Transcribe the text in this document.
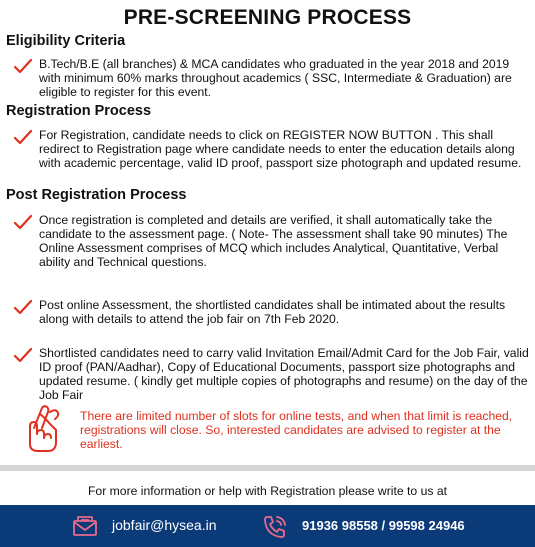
PRE-SCREENING PROCESS
Eligibility Criteria
B.Tech/B.E (all branches) & MCA candidates who graduated in the year 2018 and 2019 with minimum 60% marks throughout academics ( SSC, Intermediate & Graduation) are eligible to register for this event.
Registration Process
For Registration, candidate needs to click on REGISTER NOW BUTTON . This shall redirect to Registration page where candidate needs to enter the education details along with academic percentage, valid ID proof, passport size photograph and updated resume.
Post Registration Process
Once registration is completed and details are verified, it shall automatically take the candidate to the assessment page. ( Note- The assessment shall take 90 minutes) The Online Assessment comprises of MCQ which includes Analytical, Quantitative, Verbal ability and Technical questions.
Post online Assessment, the shortlisted candidates shall be intimated about the results along with details to attend the job fair on 7th Feb 2020.
Shortlisted candidates need to carry valid Invitation Email/Admit Card for the Job Fair, valid ID proof (PAN/Aadhar), Copy of Educational Documents, passport size photographs and updated resume. ( kindly get multiple copies of photographs and resume) on the day of the Job Fair
There are limited number of slots for online tests, and when that limit is reached, registrations will close. So, interested candidates are advised to register at the earliest.
For more information or help with Registration please write to us at
jobfair@hysea.in	91936 98558 / 99598 24946
